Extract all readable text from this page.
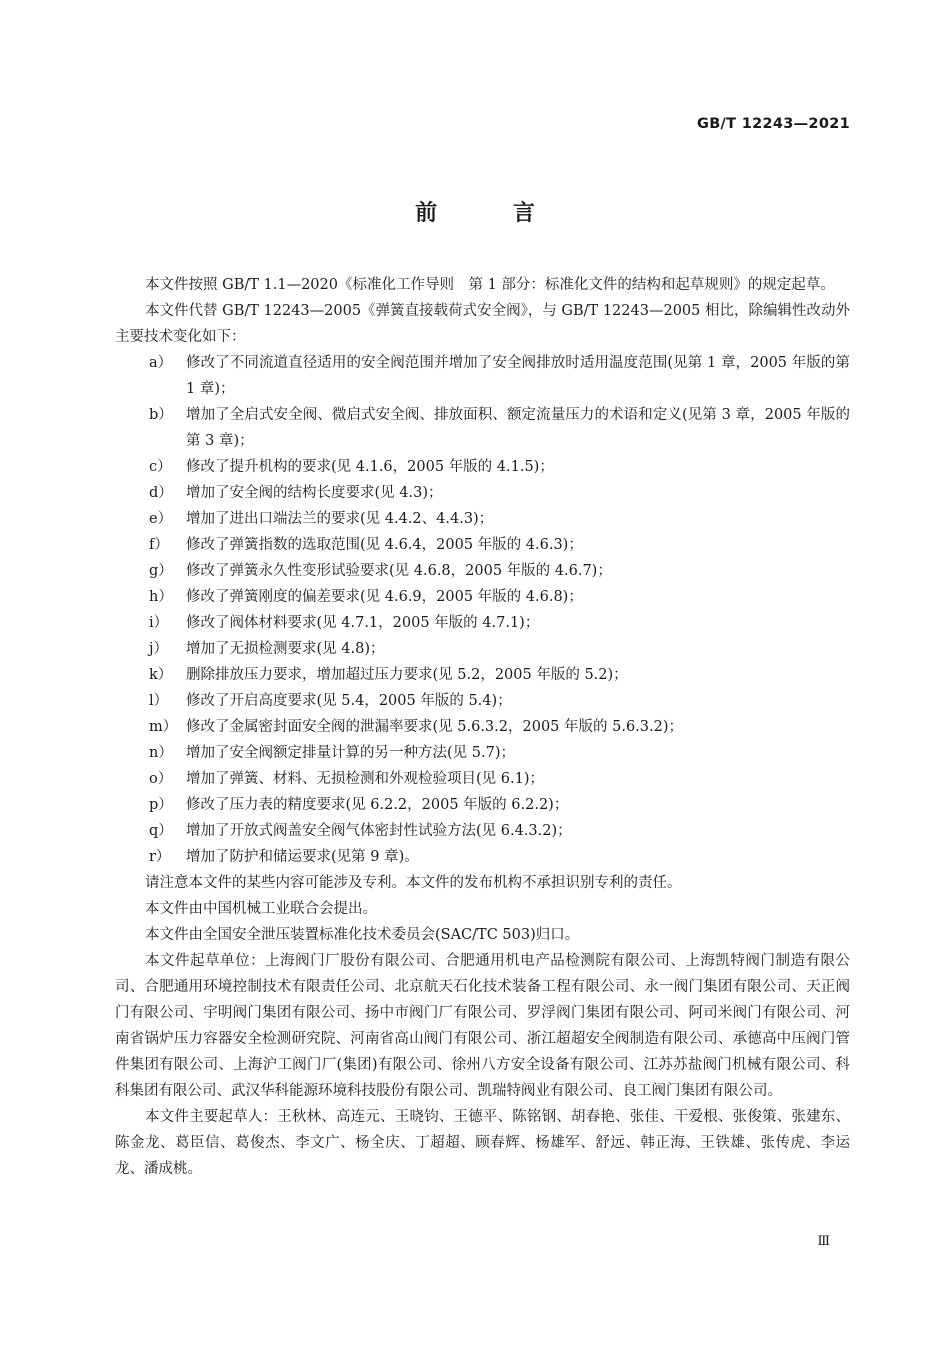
GB/T 12243—2021
前 言

本文件按照 GB/T 1.1—2020《标准化工作导则　第 1 部分：标准化文件的结构和起草规则》的规定起草。

本文件代替 GB/T 12243—2005《弹簧直接载荷式安全阀》，与 GB/T 12243—2005 相比，除编辑性改动外主要技术变化如下：

a） 修改了不同流道直径适用的安全阀范围并增加了安全阀排放时适用温度范围(见第 1 章，2005 年版的第 1 章)；
b） 增加了全启式安全阀、微启式安全阀、排放面积、额定流量压力的术语和定义(见第 3 章，2005 年版的第 3 章)；
c） 修改了提升机构的要求(见 4.1.6，2005 年版的 4.1.5)；
d） 增加了安全阀的结构长度要求(见 4.3)；
e） 增加了进出口端法兰的要求(见 4.4.2、4.4.3)；
f）	修改了弹簧指数的选取范围(见 4.6.4，2005 年版的 4.6.3)；
g） 修改了弹簧永久性变形试验要求(见 4.6.8，2005 年版的 4.6.7)；
h） 修改了弹簧刚度的偏差要求(见 4.6.9，2005 年版的 4.6.8)；
i）	修改了阀体材料要求(见 4.7.1，2005 年版的 4.7.1)；
j）	增加了无损检测要求(见 4.8)；
k） 删除排放压力要求，增加超过压力要求(见 5.2，2005 年版的 5.2)；
l）	修改了开启高度要求(见 5.4，2005 年版的 5.4)；
m） 修改了金属密封面安全阀的泄漏率要求(见 5.6.3.2，2005 年版的 5.6.3.2)；
n） 增加了安全阀额定排量计算的另一种方法(见 5.7)；
o） 增加了弹簧、材料、无损检测和外观检验项目(见 6.1)；
p） 修改了压力表的精度要求(见 6.2.2，2005 年版的 6.2.2)；
q） 增加了开放式阀盖安全阀气体密封性试验方法(见 6.4.3.2)；
r）	增加了防护和储运要求(见第 9 章)。

请注意本文件的某些内容可能涉及专利。本文件的发布机构不承担识别专利的责任。

本文件由中国机械工业联合会提出。

本文件由全国安全泄压装置标准化技术委员会(SAC/TC 503)归口。

本文件起草单位：上海阀门厂股份有限公司、合肥通用机电产品检测院有限公司、上海凯特阀门制造有限公司、合肥通用环境控制技术有限责任公司、北京航天石化技术装备工程有限公司、永一阀门集团有限公司、天正阀门有限公司、宇明阀门集团有限公司、扬中市阀门厂有限公司、罗浮阀门集团有限公司、阿司米阀门有限公司、河南省锅炉压力容器安全检测研究院、河南省高山阀门有限公司、浙江超超安全阀制造有限公司、承德高中压阀门管件集团有限公司、上海沪工阀门厂(集团)有限公司、徐州八方安全设备有限公司、江苏苏盐阀门机械有限公司、科科集团有限公司、武汉华科能源环境科技股份有限公司、凯瑞特阀业有限公司、良工阀门集团有限公司。

本文件主要起草人：王秋林、高连元、王晓钧、王德平、陈铭钢、胡春艳、张佳、干爱根、张俊策、张建东、陈金龙、葛臣信、葛俊杰、李文广、杨全庆、丁超超、顾春辉、杨雄军、舒远、韩正海、王铁雄、张传虎、李运龙、潘成桃。

Ⅲ
